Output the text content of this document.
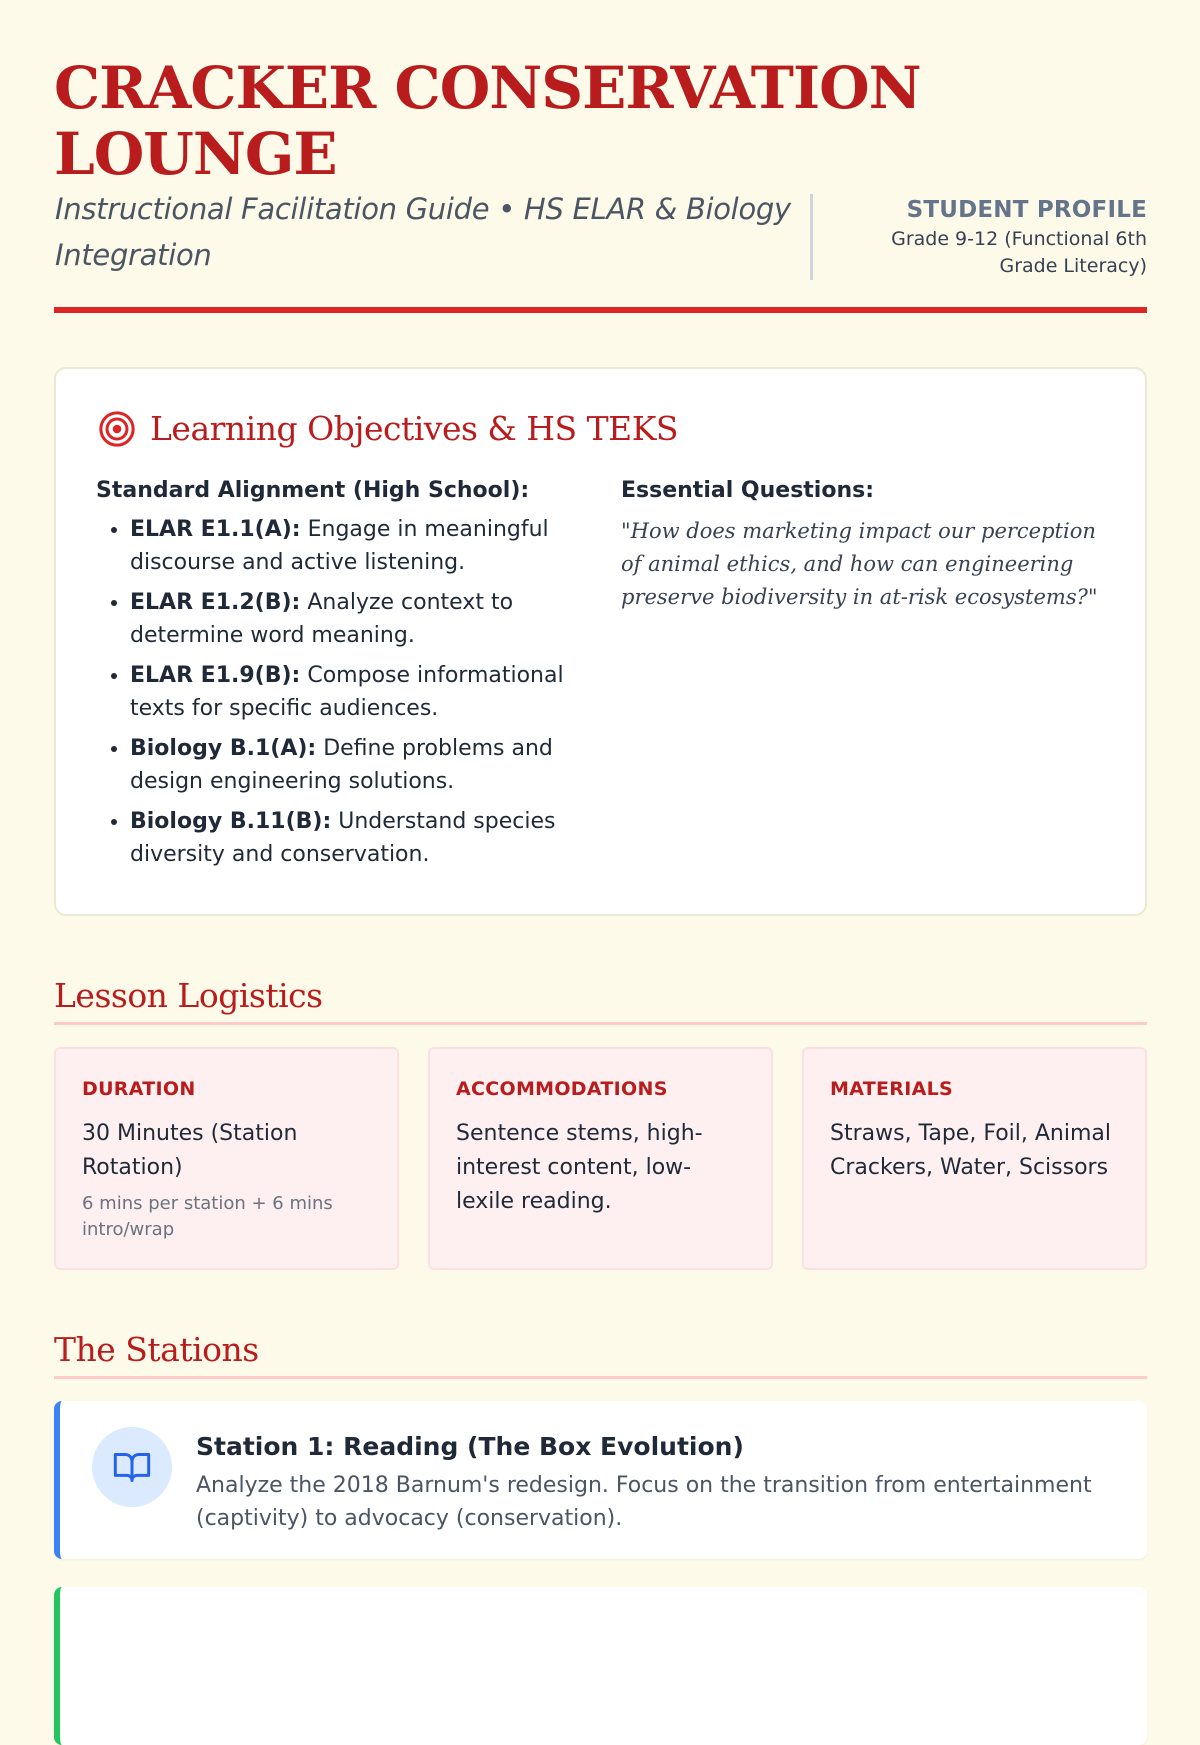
CRACKER CONSERVATION LOUNGE
Instructional Facilitation Guide • HS ELAR & Biology Integration
STUDENT PROFILE
Grade 9-12 (Functional 6th Grade Literacy)
Learning Objectives & HS TEKS
Standard Alignment (High School):
• ELAR E1.1(A): Engage in meaningful discourse and active listening.
• ELAR E1.2(B): Analyze context to determine word meaning.
• ELAR E1.9(B): Compose informational texts for specific audiences.
• Biology B.1(A): Define problems and design engineering solutions.
• Biology B.11(B): Understand species diversity and conservation.
Essential Questions:
"How does marketing impact our perception of animal ethics, and how can engineering preserve biodiversity in at-risk ecosystems?"
Lesson Logistics
DURATION
30 Minutes (Station Rotation)
6 mins per station + 6 mins intro/wrap
ACCOMMODATIONS
Sentence stems, high-interest content, low-lexile reading.
MATERIALS
Straws, Tape, Foil, Animal Crackers, Water, Scissors
The Stations
Station 1: Reading (The Box Evolution)
Analyze the 2018 Barnum's redesign. Focus on the transition from entertainment (captivity) to advocacy (conservation).
